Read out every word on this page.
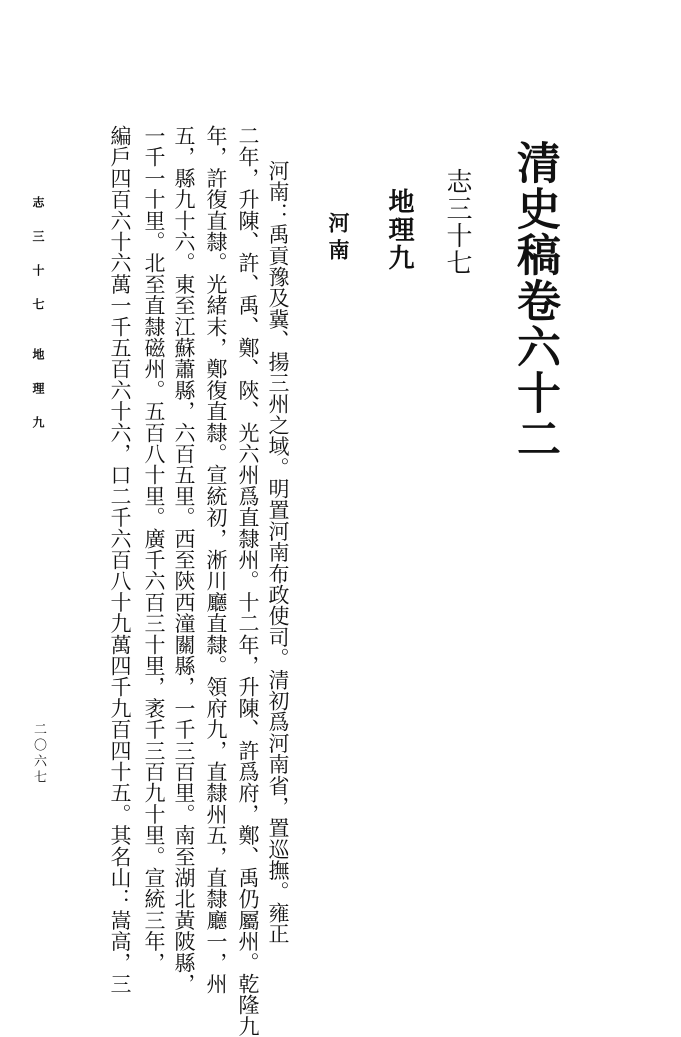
清史稿卷六十二
志三十七
地理九
河南
河南：禹貢豫及冀、揚三州之域。明置河南布政使司。清初爲河南省，置巡撫。雍正
二年，升陳、許、禹、鄭、陝、光六州爲直隸州。十二年，升陳、許爲府，鄭、禹仍屬州。乾隆九
年，許復直隸。光緒末，鄭復直隸。宣統初，淅川廳直隸。領府九，直隸州五，直隸廳一，州
五，縣九十六。東至江蘇蕭縣，六百五里。西至陝西潼關縣，一千三百里。南至湖北黃陂縣，
一千一十里。北至直隸磁州。五百八十里。廣千六百三十里，袤千三百九十里。宣統三年，
編戶四百六十六萬一千五百六十六，口二千六百八十九萬四千九百四十五。其名山：嵩高，三
志 三 十 七　 地 理 九
二〇六七
